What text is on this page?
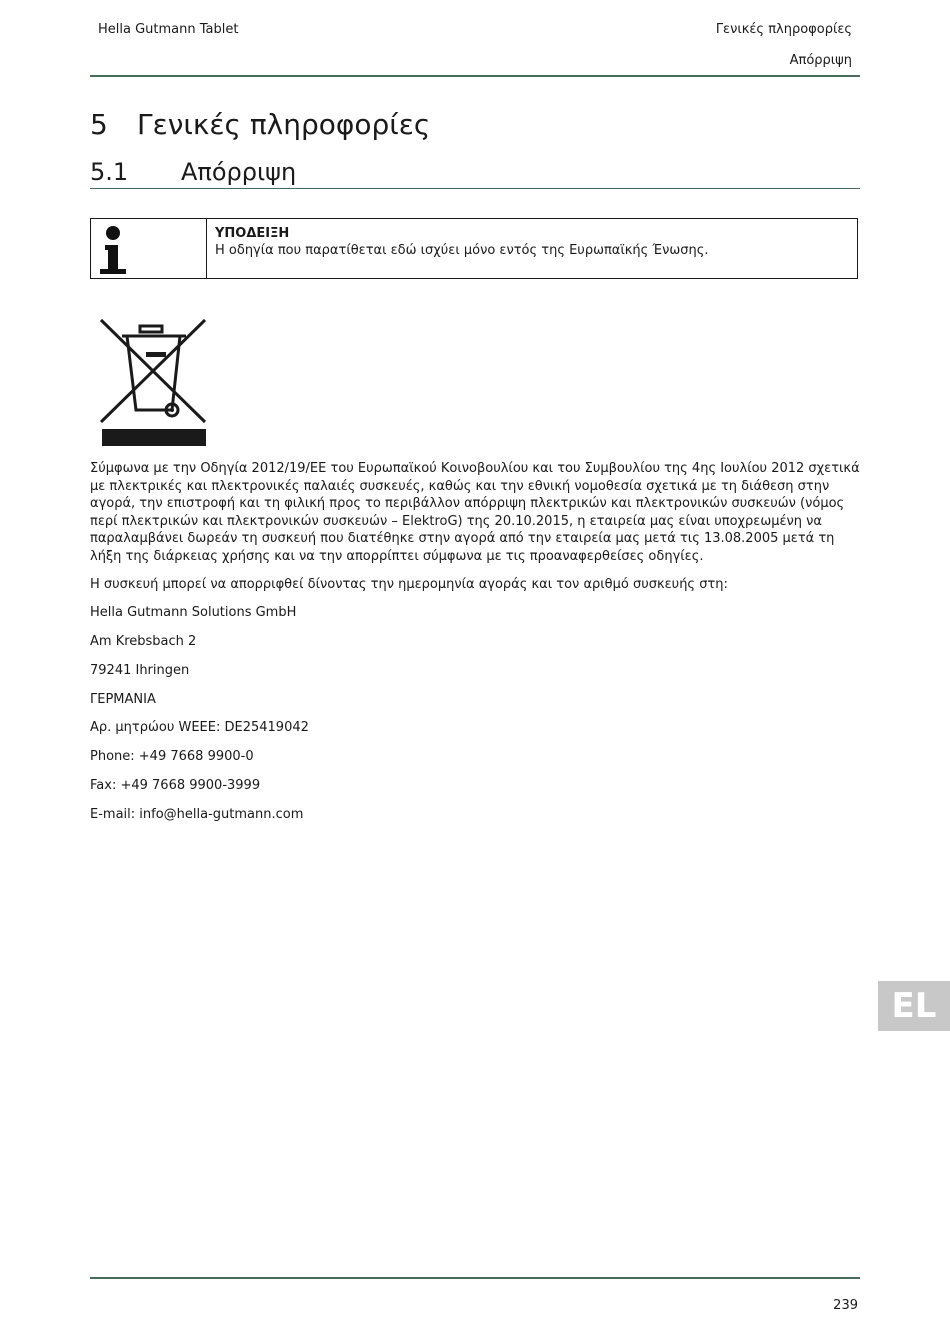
Hella Gutmann Tablet	Γενικές πληροφορίες
Απόρριψη
5 Γενικές πληροφορίες
5.1 Απόρριψη
ΥΠΟΔΕΙΞΗ
Η οδηγία που παρατίθεται εδώ ισχύει μόνο εντός της Ευρωπαϊκής Ένωσης.

Σύμφωνα με την Οδηγία 2012/19/ΕΕ του Ευρωπαϊκού Κοινοβουλίου και του Συμβουλίου της 4ης Ιουλίου 2012 σχετικά με πλεκτρικές και πλεκτρονικές παλαιές συσκευές, καθώς και την εθνική νομοθεσία σχετικά με τη διάθεση στην αγορά, την επιστροφή και τη φιλική προς το περιβάλλον απόρριψη πλεκτρικών και πλεκτρονικών συσκευών (νόμος περί πλεκτρικών και πλεκτρονικών συσκευών – ElektroG) της 20.10.2015, η εταιρεία μας είναι υποχρεωμένη να παραλαμβάνει δωρεάν τη συσκευή που διατέθηκε στην αγορά από την εταιρεία μας μετά τις 13.08.2005 μετά τη λήξη της διάρκειας χρήσης και να την απορρίπτει σύμφωνα με τις προαναφερθείσες οδηγίες.

Η συσκευή μπορεί να απορριφθεί δίνοντας την ημερομηνία αγοράς και τον αριθμό συσκευής στη:

Hella Gutmann Solutions GmbH

Am Krebsbach 2

79241 Ihringen

ΓΕΡΜΑΝΙΑ

Αρ. μητρώου WEEE: DE25419042

Phone: +49 7668 9900-0

Fax: +49 7668 9900-3999

E-mail: info@hella-gutmann.com

EL
239
